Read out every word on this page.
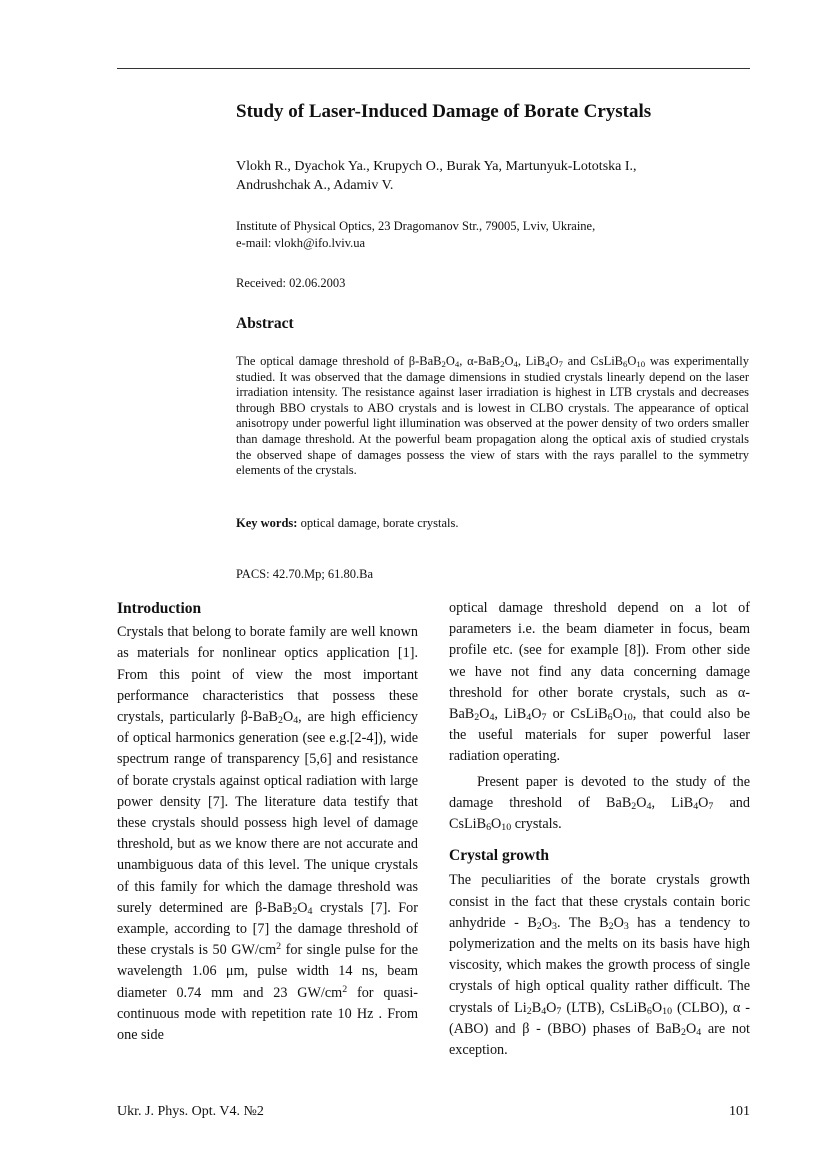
Study of Laser-Induced Damage of Borate Crystals
Vlokh R., Dyachok Ya., Krupych O., Burak Ya, Martunyuk-Lototska I.,
Andrushchak A., Adamiv V.
Institute of Physical Optics, 23 Dragomanov Str., 79005, Lviv, Ukraine,
e-mail: vlokh@ifo.lviv.ua
Received: 02.06.2003
Abstract
The optical damage threshold of $\beta-BaB_2O_4$, $\alpha-BaB_2O_4$, $LiB_4O_7$ and $CsLiB_6O_{10}$ was experimentally studied. It was observed that the damage dimensions in studied crystals linearly depend on the laser irradiation intensity. The resistance against laser irradiation is highest in LTB crystals and decreases through BBO crystals to ABO crystals and is lowest in CLBO crystals. The appearance of optical anisotropy under powerful light illumination was observed at the power density of two orders smaller than damage threshold. At the powerful beam propagation along the optical axis of studied crystals the observed shape of damages possess the view of stars with the rays parallel to the symmetry elements of the crystals.
Key words: optical damage, borate crystals.
PACS: 42.70.Mp; 61.80.Ba
Introduction

Crystals that belong to borate family are well known as materials for nonlinear optics application [1]. From this point of view the most important performance characteristics that possess these crystals, particularly $\beta-BaB_2O_4$, are high efficiency of optical harmonics generation (see e.g.[2-4]), wide spectrum range of transparency [5,6] and resistance of borate crystals against optical radiation with large power density [7]. The literature data testify that these crystals should possess high level of damage threshold, but as we know there are not accurate and unambiguous data of this level. The unique crystals of this family for which the damage threshold was surely determined are $\beta-BaB_2O_4$ crystals [7]. For example, according to [7] the damage threshold of these crystals is 50 $GW/cm^2$ for single pulse for the wavelength 1.06 μm, pulse width 14 ns, beam diameter 0.74 mm and 23 $GW/cm^2$ for quasi-continuous mode with repetition rate 10 Hz . From one side

optical damage threshold depend on a lot of parameters i.e. the beam diameter in focus, beam profile etc. (see for example [8]). From other side we have not find any data concerning damage threshold for other borate crystals, such as $\alpha-BaB_2O_4$, $LiB_4O_7$ or $CsLiB_6O_{10}$, that could also be the useful materials for super powerful laser radiation operating.

Present paper is devoted to the study of the damage threshold of $BaB_2O_4$, $LiB_4O_7$ and $CsLiB_6O_{10}$ crystals.

Crystal growth

The peculiarities of the borate crystals growth consist in the fact that these crystals contain boric anhydride - $B_2O_3$. The $B_2O_3$ has a tendency to polymerization and the melts on its basis have high viscosity, which makes the growth process of single crystals of high optical quality rather difficult. The crystals of $Li_2B_4O_7$ (LTB), $CsLiB_6O_{10}$ (CLBO), α - (ABO) and β - (BBO) phases of $BaB_2O_4$ are not exception.

Ukr. J. Phys. Opt. V4. №2	101
